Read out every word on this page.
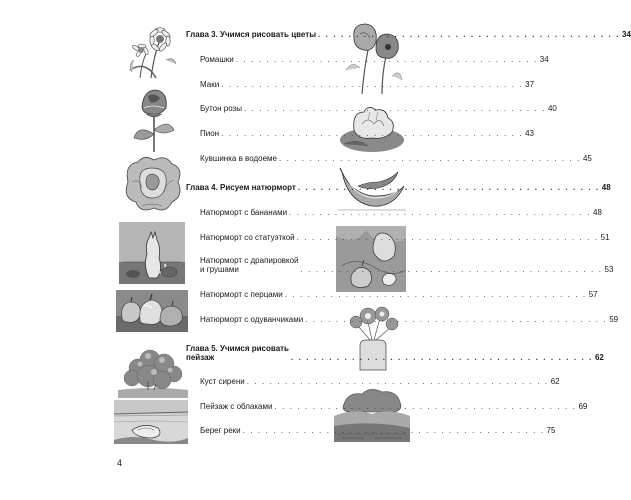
Глава 3. Учимся рисовать цветы . . . . . . . . . . . . . . . . . . . . . . . . . . . . . . . . . . . . . . . . 34
Ромашки . . . . . . . . . . . . . . . . . . . . . . . . . . . . . . . . . . . . . . . . 34
Маки . . . . . . . . . . . . . . . . . . . . . . . . . . . . . . . . . . . . . . . . 37
Бутон розы . . . . . . . . . . . . . . . . . . . . . . . . . . . . . . . . . . . . . . . . 40
Пион . . . . . . . . . . . . . . . . . . . . . . . . . . . . . . . . . . . . . . . . 43
Кувшинка в водоеме . . . . . . . . . . . . . . . . . . . . . . . . . . . . . . . . . . . . . . . . 45
Глава 4. Рисуем натюрморт . . . . . . . . . . . . . . . . . . . . . . . . . . . . . . . . . . . . . . . . 48
Натюрморт с бананами . . . . . . . . . . . . . . . . . . . . . . . . . . . . . . . . . . . . . . . . 48
Натюрморт со статуэткой . . . . . . . . . . . . . . . . . . . . . . . . . . . . . . . . . . . . . . . . 51
Натюрморт с драпировкой
и грушами	. . . . . . . . . . . . . . . . . . . . . . . . . . . . . . . . . . . . . . . . 53
Натюрморт с перцами . . . . . . . . . . . . . . . . . . . . . . . . . . . . . . . . . . . . . . . . 57
Натюрморт с одуванчиками . . . . . . . . . . . . . . . . . . . . . . . . . . . . . . . . . . . . . . . . 59
Глава 5. Учимся рисовать
пейзаж	. . . . . . . . . . . . . . . . . . . . . . . . . . . . . . . . . . . . . . . . 62
Куст сирени . . . . . . . . . . . . . . . . . . . . . . . . . . . . . . . . . . . . . . . . 62
Пейзаж с облаками . . . . . . . . . . . . . . . . . . . . . . . . . . . . . . . . . . . . . . . . 69
Берег реки . . . . . . . . . . . . . . . . . . . . . . . . . . . . . . . . . . . . . . . . 75
4
